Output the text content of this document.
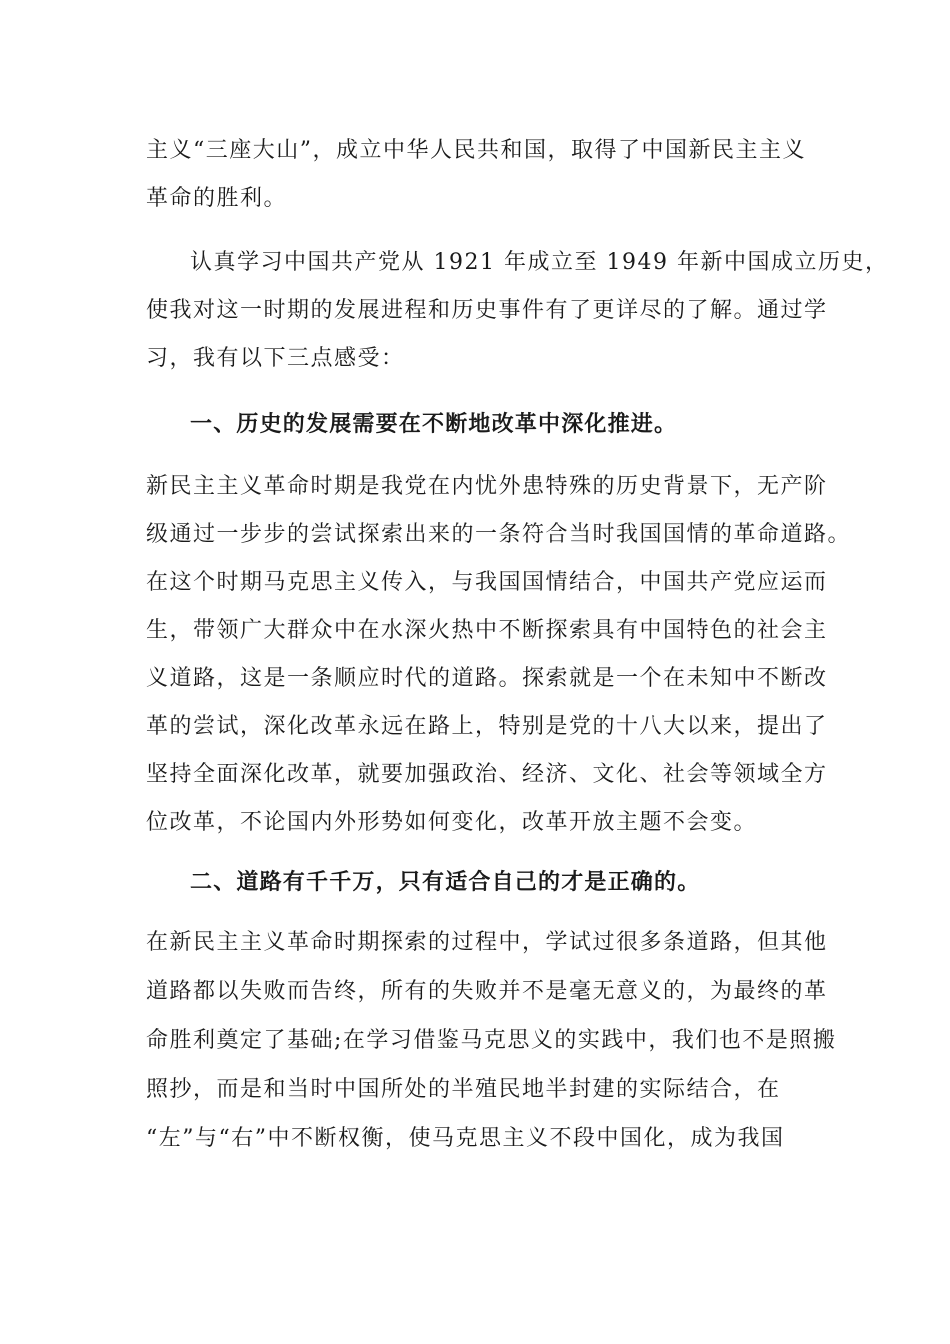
主义“三座大山”，成立中华人民共和国，取得了中国新民主主义
革命的胜利。
认真学习中国共产党从 1921 年成立至 1949 年新中国成立历史，
使我对这一时期的发展进程和历史事件有了更详尽的了解。通过学
习，我有以下三点感受：
一、历史的发展需要在不断地改革中深化推进。
新民主主义革命时期是我党在内忧外患特殊的历史背景下，无产阶
级通过一步步的尝试探索出来的一条符合当时我国国情的革命道路。
在这个时期马克思主义传入，与我国国情结合，中国共产党应运而
生，带领广大群众中在水深火热中不断探索具有中国特色的社会主
义道路，这是一条顺应时代的道路。探索就是一个在未知中不断改
革的尝试，深化改革永远在路上，特别是党的十八大以来，提出了
坚持全面深化改革，就要加强政治、经济、文化、社会等领域全方
位改革，不论国内外形势如何变化，改革开放主题不会变。
二、道路有千千万，只有适合自己的才是正确的。
在新民主主义革命时期探索的过程中，学试过很多条道路，但其他
道路都以失败而告终，所有的失败并不是毫无意义的，为最终的革
命胜利奠定了基础;在学习借鉴马克思义的实践中，我们也不是照搬
照抄，而是和当时中国所处的半殖民地半封建的实际结合，在
“左”与“右”中不断权衡，使马克思主义不段中国化，成为我国
